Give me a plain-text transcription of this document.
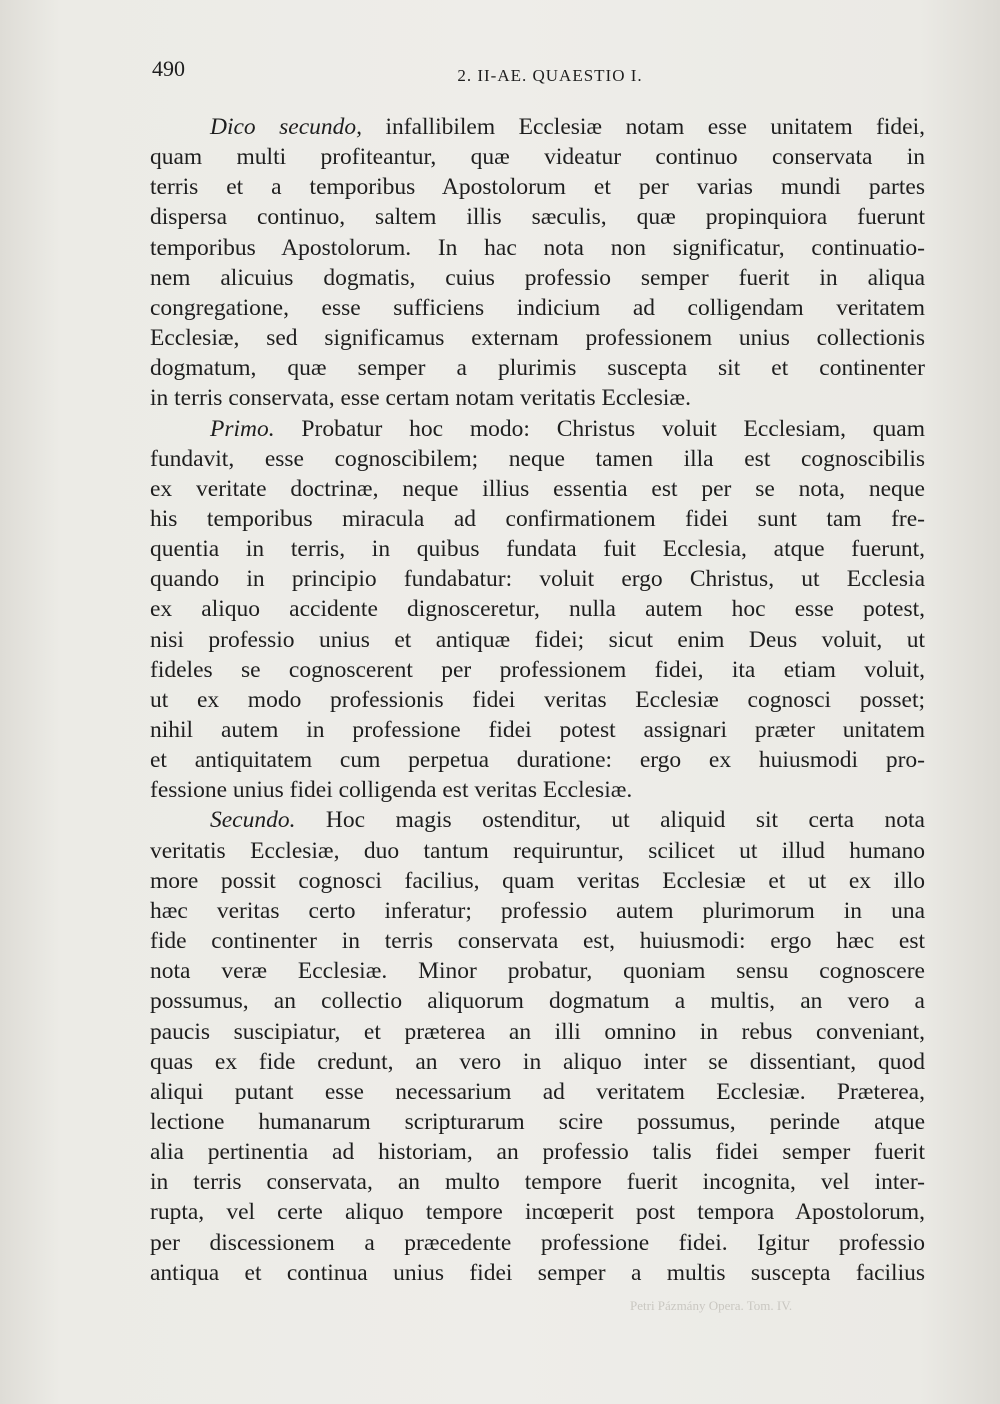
490	2. II-AE. QUAESTIO I.
Dico secundo, infallibilem Ecclesiæ notam esse unitatem fidei,
quam multi profiteantur, quæ videatur continuo conservata in
terris et a temporibus Apostolorum et per varias mundi partes
dispersa continuo, saltem illis sæculis, quæ propinquiora fuerunt
temporibus Apostolorum. In hac nota non significatur, continuatio-
nem alicuius dogmatis, cuius professio semper fuerit in aliqua
congregatione, esse sufficiens indicium ad colligendam veritatem
Ecclesiæ, sed significamus externam professionem unius collectionis
dogmatum, quæ semper a plurimis suscepta sit et continenter
in terris conservata, esse certam notam veritatis Ecclesiæ.
Primo. Probatur hoc modo: Christus voluit Ecclesiam, quam
fundavit, esse cognoscibilem; neque tamen illa est cognoscibilis
ex veritate doctrinæ, neque illius essentia est per se nota, neque
his temporibus miracula ad confirmationem fidei sunt tam fre-
quentia in terris, in quibus fundata fuit Ecclesia, atque fuerunt,
quando in principio fundabatur: voluit ergo Christus, ut Ecclesia
ex aliquo accidente dignosceretur, nulla autem hoc esse potest,
nisi professio unius et antiquæ fidei; sicut enim Deus voluit, ut
fideles se cognoscerent per professionem fidei, ita etiam voluit,
ut ex modo professionis fidei veritas Ecclesiæ cognosci posset;
nihil autem in professione fidei potest assignari præter unitatem
et antiquitatem cum perpetua duratione: ergo ex huiusmodi pro-
fessione unius fidei colligenda est veritas Ecclesiæ.
Secundo. Hoc magis ostenditur, ut aliquid sit certa nota
veritatis Ecclesiæ, duo tantum requiruntur, scilicet ut illud humano
more possit cognosci facilius, quam veritas Ecclesiæ et ut ex illo
hæc veritas certo inferatur; professio autem plurimorum in una
fide continenter in terris conservata est, huiusmodi: ergo hæc est
nota veræ Ecclesiæ. Minor probatur, quoniam sensu cognoscere
possumus, an collectio aliquorum dogmatum a multis, an vero a
paucis suscipiatur, et præterea an illi omnino in rebus conveniant,
quas ex fide credunt, an vero in aliquo inter se dissentiant, quod
aliqui putant esse necessarium ad veritatem Ecclesiæ. Præterea,
lectione humanarum scripturarum scire possumus, perinde atque
alia pertinentia ad historiam, an professio talis fidei semper fuerit
in terris conservata, an multo tempore fuerit incognita, vel inter-
rupta, vel certe aliquo tempore incœperit post tempora Apostolorum,
per discessionem a præcedente professione fidei. Igitur professio
antiqua et continua unius fidei semper a multis suscepta facilius
Petri Pázmány Opera. Tom. IV.
